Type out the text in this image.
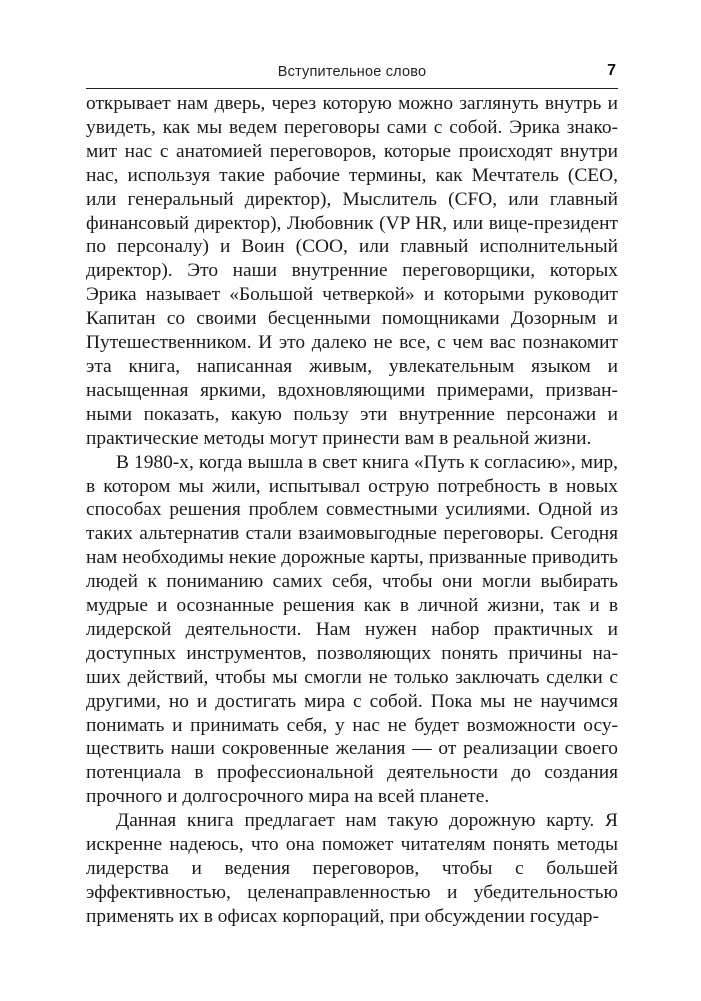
Вступительное слово	7

открывает нам дверь, через которую можно заглянуть внутрь и увидеть, как мы ведем переговоры сами с собой. Эрика знакомит нас с анатомией переговоров, которые происходят внутри нас, используя такие рабочие термины, как Мечтатель (CEO, или генеральный директор), Мыслитель (CFO, или главный финансовый директор), Любовник (VP HR, или вице-президент по персоналу) и Воин (COO, или главный исполнительный директор). Это наши внутренние переговорщики, которых Эрика называет «Большой четверкой» и которыми руководит Капитан со своими бесценными помощниками Дозорным и Путешественником. И это далеко не все, с чем вас познакомит эта книга, написанная живым, увлекательным языком и насыщенная яркими, вдохновляющими примерами, призванными показать, какую пользу эти внутренние персонажи и практические методы могут принести вам в реальной жизни.

В 1980-х, когда вышла в свет книга «Путь к согласию», мир, в котором мы жили, испытывал острую потребность в новых способах решения проблем совместными усилиями. Одной из таких альтернатив стали взаимовыгодные переговоры. Сегодня нам необходимы некие дорожные карты, призванные приводить людей к пониманию самих себя, чтобы они могли выбирать мудрые и осознанные решения как в личной жизни, так и в лидерской деятельности. Нам нужен набор практичных и доступных инструментов, позволяющих понять причины наших действий, чтобы мы смогли не только заключать сделки с другими, но и достигать мира с собой. Пока мы не научимся понимать и принимать себя, у нас не будет возможности осуществить наши сокровенные желания — от реализации своего потенциала в профессиональной деятельности до создания прочного и долгосрочного мира на всей планете.

Данная книга предлагает нам такую дорожную карту. Я искренне надеюсь, что она поможет читателям понять методы лидерства и ведения переговоров, чтобы с большей эффективностью, целенаправленностью и убедительностью применять их в офисах корпораций, при обсуждении государ-
